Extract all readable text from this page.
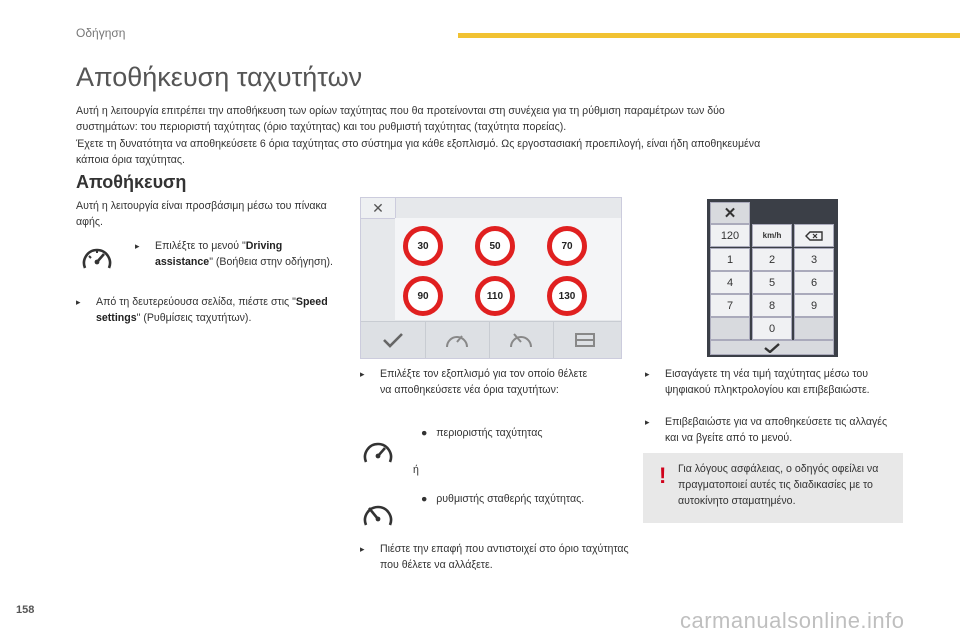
Οδήγηση
Αποθήκευση ταχυτήτων
Αυτή η λειτουργία επιτρέπει την αποθήκευση των ορίων ταχύτητας που θα προτείνονται στη συνέχεια για τη ρύθμιση παραμέτρων των δύο
συστημάτων: του περιοριστή ταχύτητας (όριο ταχύτητας) και του ρυθμιστή ταχύτητας (ταχύτητα πορείας).
Έχετε τη δυνατότητα να αποθηκεύσετε 6 όρια ταχύτητας στο σύστημα για κάθε εξοπλισμό. Ως εργοστασιακή προεπιλογή, είναι ήδη αποθηκευμένα
κάποια όρια ταχύτητας.
Αποθήκευση
Αυτή η λειτουργία είναι προσβάσιμη μέσω του πίνακα αφής.
▸	Επιλέξτε το μενού "Driving assistance" (Βοήθεια στην οδήγηση).
▸	Από τη δευτερεύουσα σελίδα, πιέστε στις "Speed settings" (Ρυθμίσεις ταχυτήτων).
✕
30	50	70
90	110	130
▸	Επιλέξτε τον εξοπλισμό για τον οποίο θέλετε να αποθηκεύσετε νέα όρια ταχυτήτων:
●   περιοριστής ταχύτητας
ή
●   ρυθμιστής σταθερής ταχύτητας.
▸	Πιέστε την επαφή που αντιστοιχεί στο όριο ταχύτητας που θέλετε να αλλάξετε.
✕
120	km/h
1	2	3
4	5	6
7	8	9
0
▸	Εισαγάγετε τη νέα τιμή ταχύτητας μέσω του ψηφιακού πληκτρολογίου και επιβεβαιώστε.
▸	Επιβεβαιώστε για να αποθηκεύσετε τις αλλαγές και να βγείτε από το μενού.
! Για λόγους ασφάλειας, ο οδηγός οφείλει να πραγματοποιεί αυτές τις διαδικασίες με το αυτοκίνητο σταματημένο.
158	carmanualsonline.info
